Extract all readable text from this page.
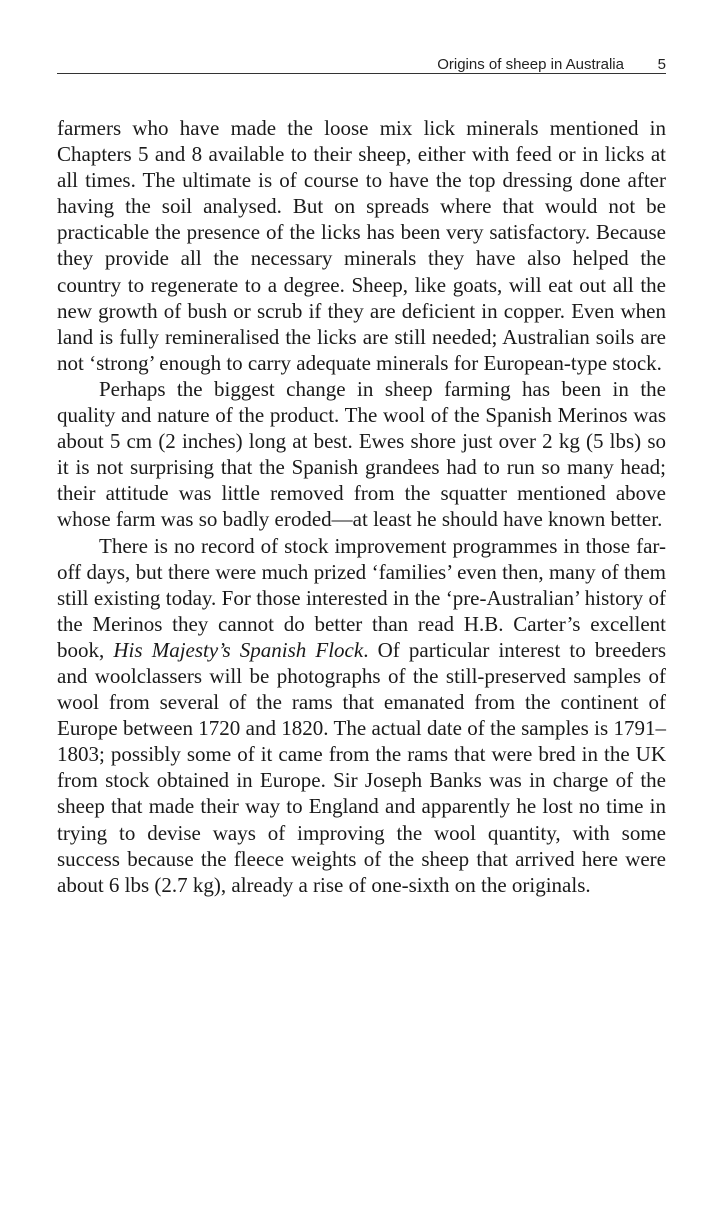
Origins of sheep in Australia 5

farmers who have made the loose mix lick minerals mentioned in Chapters 5 and 8 available to their sheep, either with feed or in licks at all times. The ultimate is of course to have the top dressing done after having the soil analysed. But on spreads where that would not be practicable the presence of the licks has been very satisfactory. Because they provide all the necessary minerals they have also helped the country to regenerate to a degree. Sheep, like goats, will eat out all the new growth of bush or scrub if they are deficient in copper. Even when land is fully remineralised the licks are still needed; Australian soils are not ‘strong’ enough to carry adequate minerals for European-type stock.

Perhaps the biggest change in sheep farming has been in the quality and nature of the product. The wool of the Spanish Merinos was about 5 cm (2 inches) long at best. Ewes shore just over 2 kg (5 lbs) so it is not surprising that the Spanish grandees had to run so many head; their attitude was little removed from the squatter mentioned above whose farm was so badly eroded—at least he should have known better.

There is no record of stock improvement programmes in those far-off days, but there were much prized ‘families’ even then, many of them still existing today. For those interested in the ‘pre-Australian’ history of the Merinos they cannot do better than read H.B. Carter’s excellent book, His Majesty’s Spanish Flock. Of particular interest to breeders and woolclassers will be photographs of the still-preserved samples of wool from several of the rams that emanated from the continent of Europe between 1720 and 1820. The actual date of the samples is 1791–1803; possibly some of it came from the rams that were bred in the UK from stock obtained in Europe. Sir Joseph Banks was in charge of the sheep that made their way to England and apparently he lost no time in trying to devise ways of improving the wool quantity, with some success because the fleece weights of the sheep that arrived here were about 6 lbs (2.7 kg), already a rise of one-sixth on the originals.
